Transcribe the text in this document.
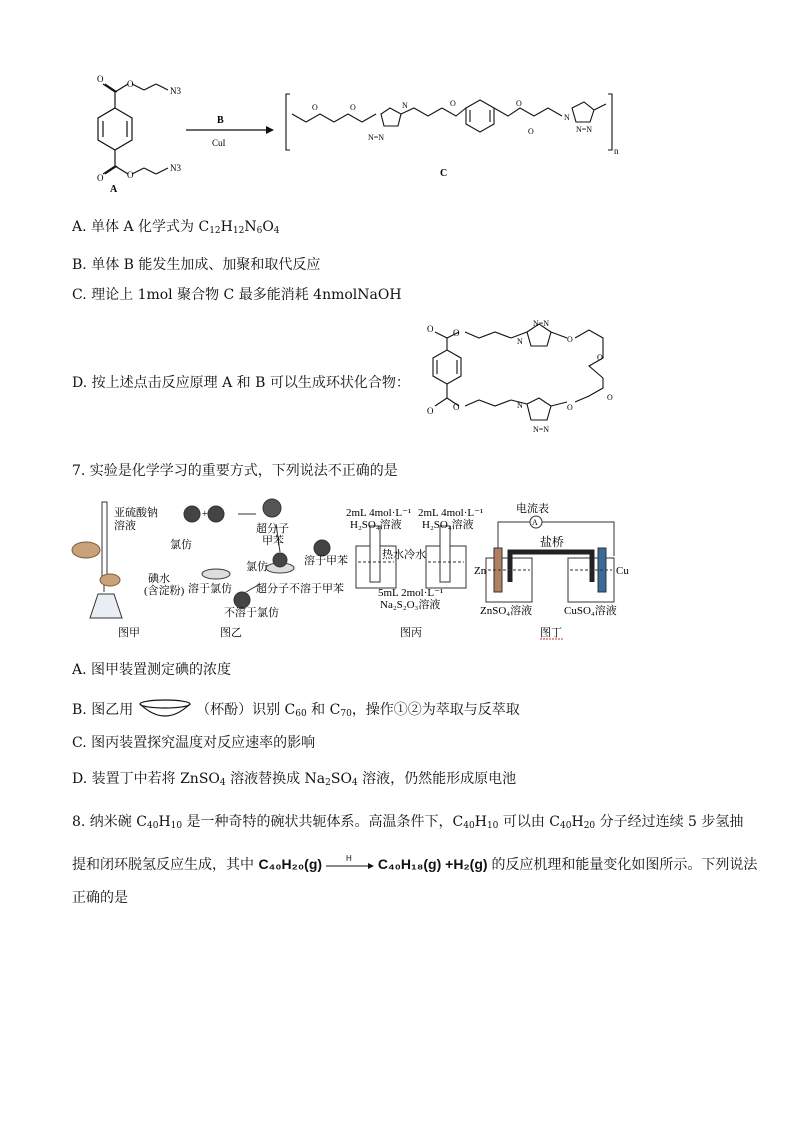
O	O
O	O
N3
N3
A
B
CuI
O	O
N=N
N	O	O
O
N
N=N
n
C
A. 单体 A 化学式为 $C_{12}H_{12}N_6O_4$
B. 单体 B 能发生加成、加聚和取代反应
C. 理论上 1mol 聚合物 C 最多能消耗 4nmolNaOH
D. 按上述点击反应原理 A 和 B 可以生成环状化合物：
O O
O O
N
N=N
O
O
O
N
N=N
O
7. 实验是化学学习的重要方式，下列说法不正确的是
亚硫酸钠
溶液
碘水
(含淀粉)
图甲
+
氯仿
超分子
甲苯
溶于甲苯
溶于氯仿
氯仿
超分子不溶于甲苯
不溶于氯仿
图乙
2mL 4mol·L⁻¹
H₂SO₄溶液
2mL 4mol·L⁻¹
H₂SO₄溶液
热水 冷水
5mL 2mol·L⁻¹
Na₂S₂O₃溶液
图丙
A
电流表
盐桥
Zn	Cu
ZnSO₄溶液	CuSO₄溶液
图丁
A. 图甲装置测定碘的浓度
B. 图乙用	（杯酚）识别 $C_{60}$ 和 $C_{70}$，操作①②为萃取与反萃取
C. 图丙装置探究温度对反应速率的影响
D. 装置丁中若将 ZnSO$_4$ 溶液替换成 $Na_2SO_4$ 溶液，仍然能形成原电池
8. 纳米碗 $C_{40}H_{10}$ 是一种奇特的碗状共轭体系。高温条件下，$C_{40}H_{10}$ 可以由 $C_{40}H_{20}$ 分子经过连续 5 步氢抽
提和闭环脱氢反应生成，其中 C₄₀H₂₀(g)	H C₄₀H₁₈(g) +H₂(g) 的反应机理和能量变化如图所示。下列说法
正确的是
